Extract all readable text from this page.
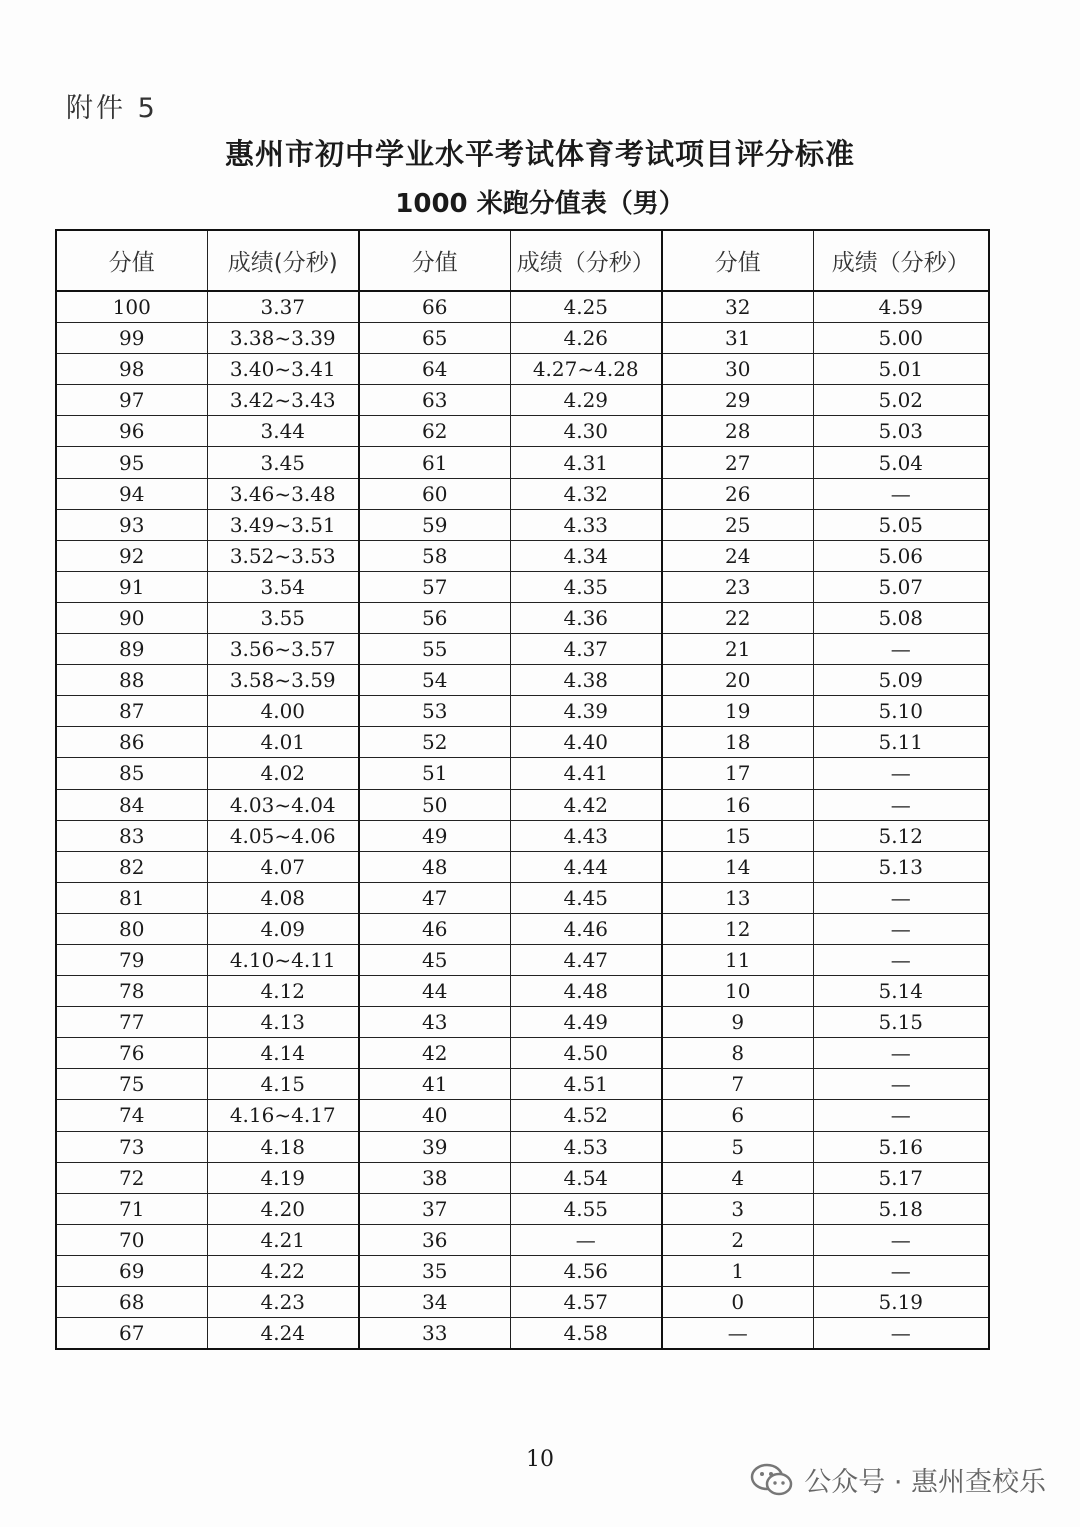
附件 5
惠州市初中学业水平考试体育考试项目评分标准
1000 米跑分值表（男）
分值	成绩(分秒)	分值	成绩（分秒）	分值	成绩（分秒）
100	3.37	66	4.25	32	4.59
99	3.38~3.39	65	4.26	31	5.00
98	3.40~3.41	64	4.27~4.28	30	5.01
97	3.42~3.43	63	4.29	29	5.02
96	3.44	62	4.30	28	5.03
95	3.45	61	4.31	27	5.04
94	3.46~3.48	60	4.32	26	—
93	3.49~3.51	59	4.33	25	5.05
92	3.52~3.53	58	4.34	24	5.06
91	3.54	57	4.35	23	5.07
90	3.55	56	4.36	22	5.08
89	3.56~3.57	55	4.37	21	—
88	3.58~3.59	54	4.38	20	5.09
87	4.00	53	4.39	19	5.10
86	4.01	52	4.40	18	5.11
85	4.02	51	4.41	17	—
84	4.03~4.04	50	4.42	16	—
83	4.05~4.06	49	4.43	15	5.12
82	4.07	48	4.44	14	5.13
81	4.08	47	4.45	13	—
80	4.09	46	4.46	12	—
79	4.10~4.11	45	4.47	11	—
78	4.12	44	4.48	10	5.14
77	4.13	43	4.49	9	5.15
76	4.14	42	4.50	8	—
75	4.15	41	4.51	7	—
74	4.16~4.17	40	4.52	6	—
73	4.18	39	4.53	5	5.16
72	4.19	38	4.54	4	5.17
71	4.20	37	4.55	3	5.18
70	4.21	36	—	2	—
69	4.22	35	4.56	1	—
68	4.23	34	4.57	0	5.19
67	4.24	33	4.58	—	—
10
公众号 · 惠州查校乐
